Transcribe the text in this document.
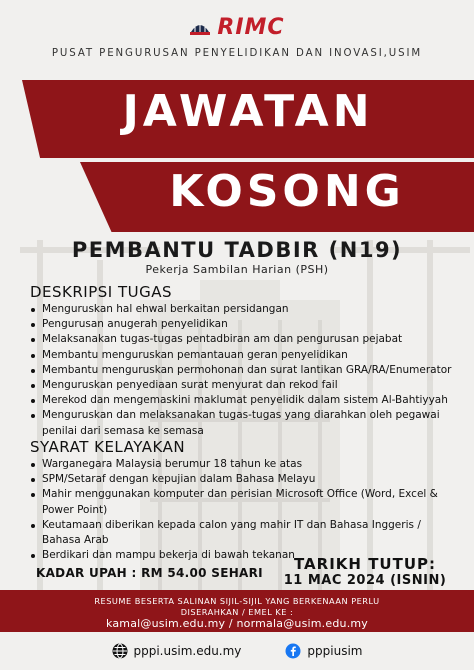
RIMC
PUSAT PENGURUSAN PENYELIDIKAN DAN INOVASI,USIM
JAWATAN
KOSONG
PEMBANTU TADBIR (N19)
Pekerja Sambilan Harian (PSH)
DESKRIPSI TUGAS
Menguruskan hal ehwal berkaitan persidangan
Pengurusan anugerah penyelidikan
Melaksanakan tugas-tugas pentadbiran am dan pengurusan pejabat
Membantu menguruskan pemantauan geran penyelidikan
Membantu menguruskan permohonan dan surat lantikan GRA/RA/Enumerator
Menguruskan penyediaan surat menyurat dan rekod fail
Merekod dan mengemaskini maklumat penyelidik dalam sistem Al-Bahtiyyah
Menguruskan dan melaksanakan tugas-tugas yang diarahkan oleh pegawai penilai dari semasa ke semasa
SYARAT KELAYAKAN
Warganegara Malaysia berumur 18 tahun ke atas
SPM/Setaraf dengan kepujian dalam Bahasa Melayu
Mahir menggunakan komputer dan perisian Microsoft Office (Word, Excel & Power Point)
Keutamaan diberikan kepada calon yang mahir IT dan Bahasa Inggeris / Bahasa Arab
Berdikari dan mampu bekerja di bawah tekanan
KADAR UPAH : RM 54.00 SEHARI	TARIKH TUTUP:
11 MAC 2024 (ISNIN)
RESUME BESERTA SALINAN SIJIL-SIJIL YANG BERKENAAN PERLU
DISERAHKAN / EMEL KE :
kamal@usim.edu.my / normala@usim.edu.my
pppi.usim.edu.my	pppiusim
